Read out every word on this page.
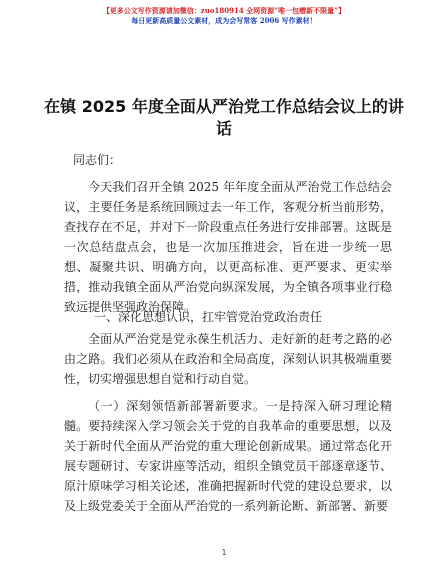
【更多公文写作资源请加微信：zuo180914 全网资源“唯一包赠新不限量”】
每日更新高质量公文素材，成为会写常客 2006 写作素材！
在镇 2025 年度全面从严治党工作总结会议上的讲话
同志们：
今天我们召开全镇 2025 年年度全面从严治党工作总结会议，主要任务是系统回顾过去一年工作，客观分析当前形势，查找存在不足，并对下一阶段重点任务进行安排部署。这既是一次总结盘点会，也是一次加压推进会，旨在进一步统一思想、凝聚共识、明确方向，以更高标准、更严要求、更实举措，推动我镇全面从严治党向纵深发展，为全镇各项事业行稳致远提供坚强政治保障。
一、深化思想认识，扛牢管党治党政治责任
全面从严治党是党永葆生机活力、走好新的赶考之路的必由之路。我们必须从在政治和全局高度，深刻认识其极端重要性，切实增强思想自觉和行动自觉。
（一）深刻领悟新部署新要求。一是持深入研习理论精髓。要持续深入学习领会关于党的自我革命的重要思想，以及关于新时代全面从严治党的重大理论创新成果。通过常态化开展专题研讨、专家讲座等活动，组织全镇党员干部逐章逐节、原汁原味学习相关论述，准确把握新时代党的建设总要求，以及上级党委关于全面从严治党的一系列新论断、新部署、新要
1
